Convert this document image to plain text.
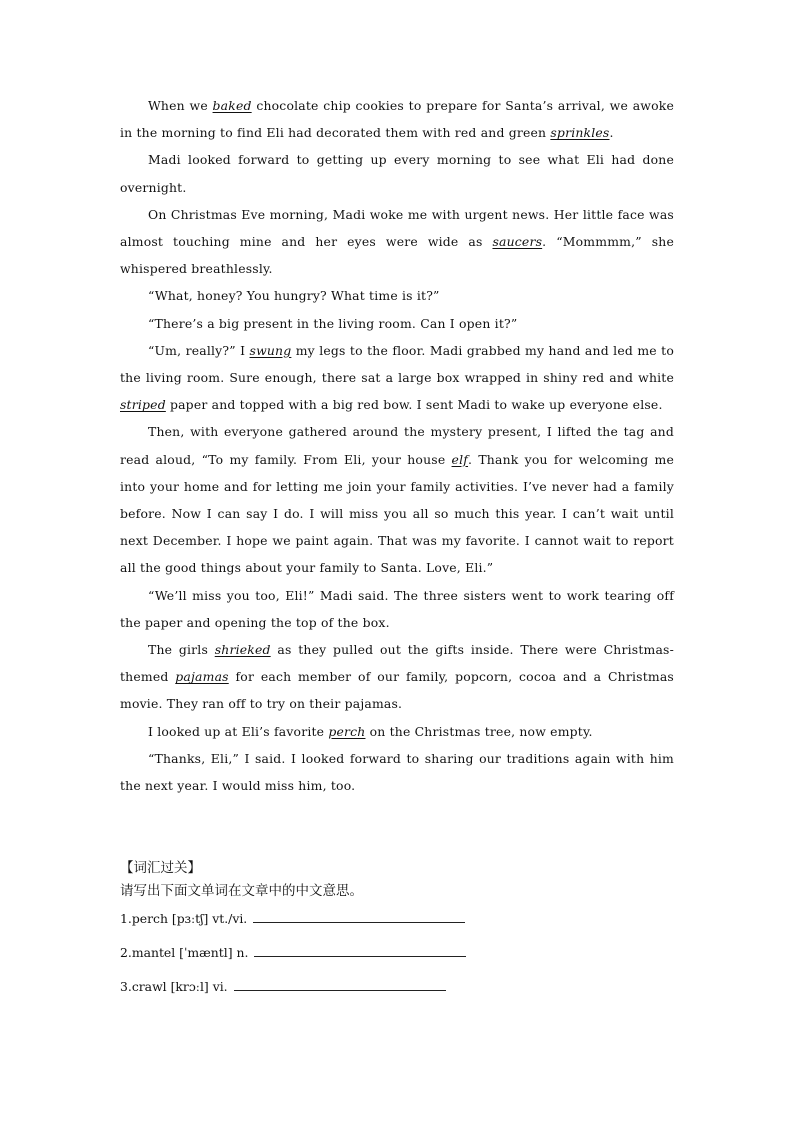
When we baked chocolate chip cookies to prepare for Santa’s arrival, we awoke in the morning to find Eli had decorated them with red and green sprinkles.

Madi looked forward to getting up every morning to see what Eli had done overnight.

On Christmas Eve morning, Madi woke me with urgent news. Her little face was almost touching mine and her eyes were wide as saucers. “Mommmm,” she whispered breathlessly.

“What, honey? You hungry? What time is it?”

“There’s a big present in the living room. Can I open it?”

“Um, really?” I swung my legs to the floor. Madi grabbed my hand and led me to the living room. Sure enough, there sat a large box wrapped in shiny red and white striped paper and topped with a big red bow. I sent Madi to wake up everyone else.

Then, with everyone gathered around the mystery present, I lifted the tag and read aloud, “To my family. From Eli, your house elf. Thank you for welcoming me into your home and for letting me join your family activities. I’ve never had a family before. Now I can say I do. I will miss you all so much this year. I can’t wait until next December. I hope we paint again. That was my favorite. I cannot wait to report all the good things about your family to Santa. Love, Eli.”

“We’ll miss you too, Eli!” Madi said. The three sisters went to work tearing off the paper and opening the top of the box.

The girls shrieked as they pulled out the gifts inside. There were Christmas-themed pajamas for each member of our family, popcorn, cocoa and a Christmas movie. They ran off to try on their pajamas.

I looked up at Eli’s favorite perch on the Christmas tree, now empty.

“Thanks, Eli,” I said. I looked forward to sharing our traditions again with him the next year. I would miss him, too.

【词汇过关】

请写出下面文单词在文章中的中文意思。

1.perch [pɜːtʃ] vt./vi.

2.mantel [ˈmæntl] n.

3.crawl [krɔːl] vi.
